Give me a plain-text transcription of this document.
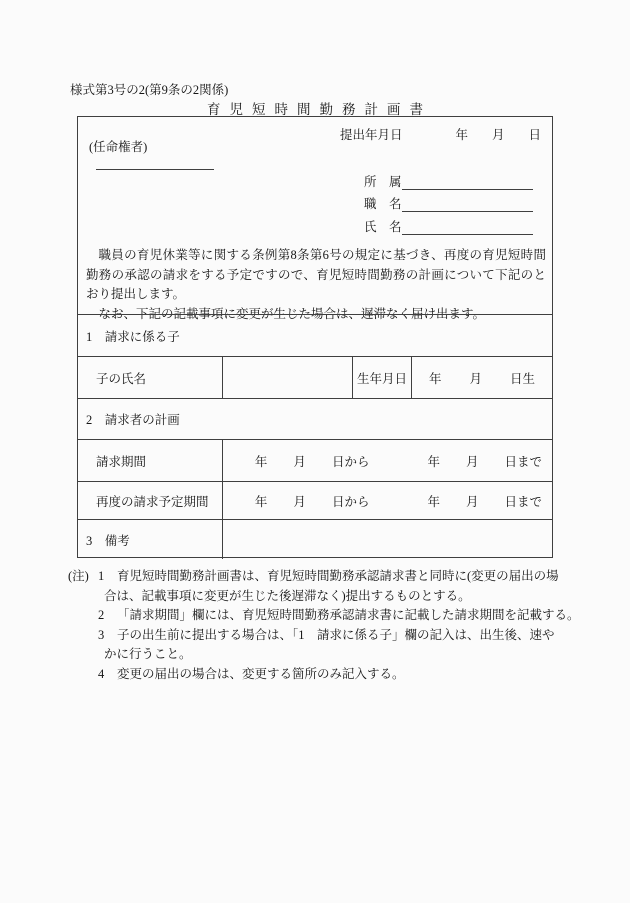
様式第3号の2(第9条の2関係)
育児短時間勤務計画書
提出年月日	年 月 日
(任命権者)
所　属
職　名
氏　名

職員の育児休業等に関する条例第8条第6号の規定に基づき、再度の育児短時間勤務の承認の請求をする予定ですので、育児短時間勤務の計画について下記のとおり提出します。

なお、下記の記載事項に変更が生じた場合は、遅滞なく届け出ます。

1　請求に係る子
子の氏名	生年月日 年 月 日生
2　請求者の計画
請求期間	年 月 日から	年 月 日まで
再度の請求予定期間	年 月 日から	年 月 日まで
3　備考
(注) 1 育児短時間勤務計画書は、育児短時間勤務承認請求書と同時に(変更の届出の場
合は、記載事項に変更が生じた後遅滞なく)提出するものとする。
2 「請求期間」欄には、育児短時間勤務承認請求書に記載した請求期間を記載する。
3 子の出生前に提出する場合は、「1　請求に係る子」欄の記入は、出生後、速や
かに行うこと。
4 変更の届出の場合は、変更する箇所のみ記入する。
